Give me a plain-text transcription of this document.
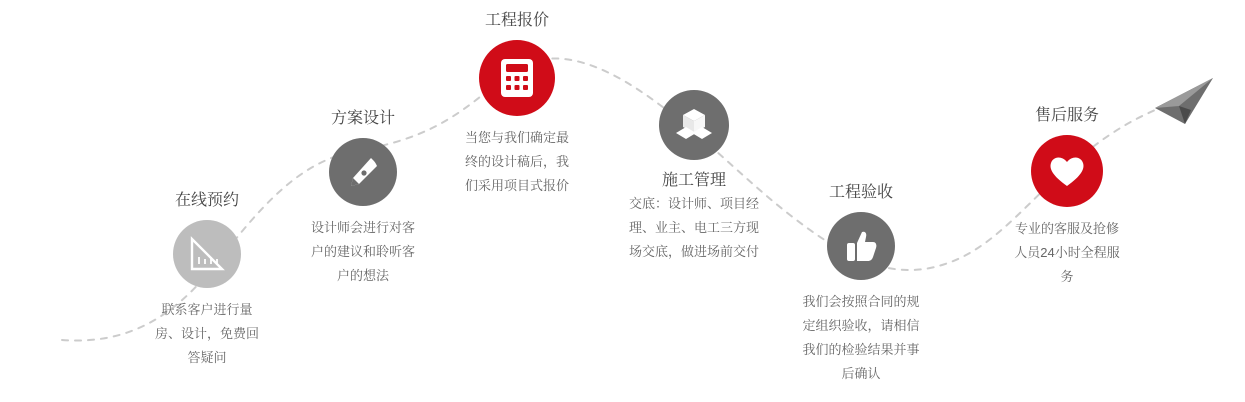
在线预约
联系客户进行量
房、设计，免费回
答疑问
方案设计
设计师会进行对客
户的建议和聆听客
户的想法
工程报价
当您与我们确定最
终的设计稿后，我
们采用项目式报价	施工管理
交底：设计师、项目经
理、业主、电工三方现
场交底，做进场前交付
工程验收
我们会按照合同的规
定组织验收，请相信
我们的检验结果并事
后确认
售后服务
专业的客服及抢修
人员24小时全程服
务
